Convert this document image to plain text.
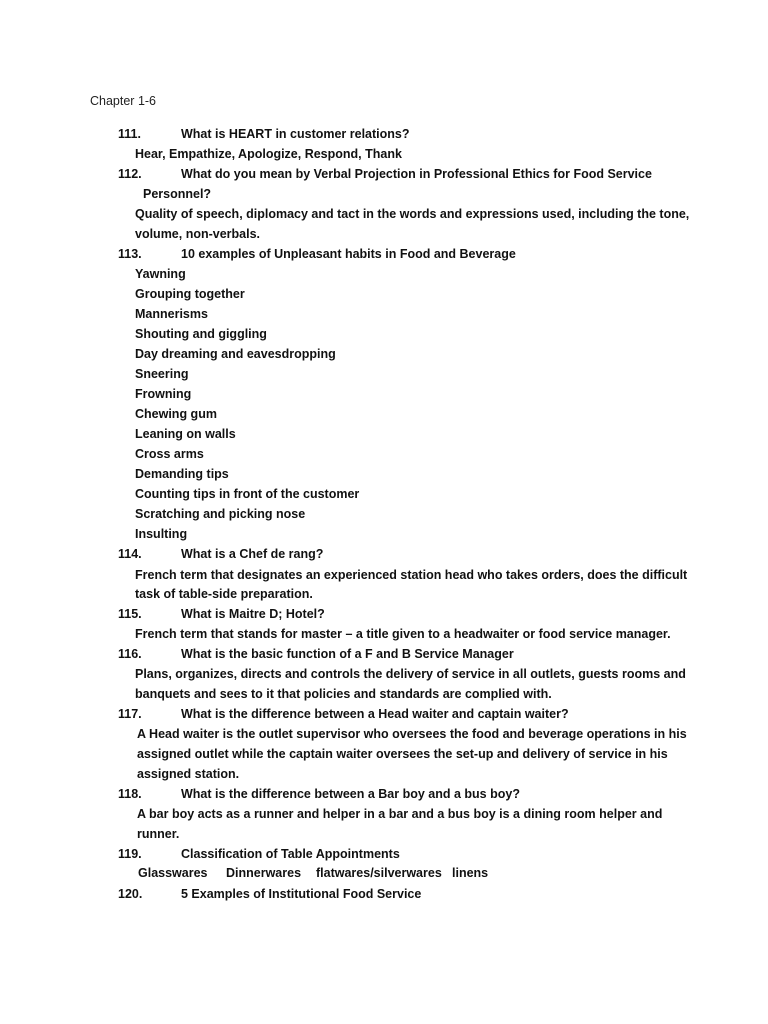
Chapter 1-6
111.	What is HEART in customer relations?
Hear, Empathize, Apologize, Respond, Thank
112.	What do you mean by Verbal Projection in Professional Ethics for Food Service
Personnel?
Quality of speech, diplomacy and tact in the words and expressions used, including the tone,
volume, non-verbals.
113.	10 examples of Unpleasant habits in Food and Beverage
Yawning
Grouping together
Mannerisms
Shouting and giggling
Day dreaming and eavesdropping
Sneering
Frowning
Chewing gum
Leaning on walls
Cross arms
Demanding tips
Counting tips in front of the customer
Scratching and picking nose
Insulting
114.	What is a Chef de rang?
French term that designates an experienced station head who takes orders, does the difficult
task of table-side preparation.
115.	What is Maitre D; Hotel?
French term that stands for master – a title given to a headwaiter or food service manager.
116.	What is the basic function of a F and B Service Manager
Plans, organizes, directs and controls the delivery of service in all outlets, guests rooms and
banquets and sees to it that policies and standards are complied with.
117.	What is the difference between a Head waiter and captain waiter?
A Head waiter is the outlet supervisor who oversees the food and beverage operations in his
assigned outlet while the captain waiter oversees the set-up and delivery of service in his
assigned station.
118.	What is the difference between a Bar boy and a bus boy?
A bar boy acts as a runner and helper in a bar and a bus boy is a dining room helper and
runner.
119.	Classification of Table Appointments
Glasswares Dinnerwares flatwares/silverwares linens
120.	5 Examples of Institutional Food Service
